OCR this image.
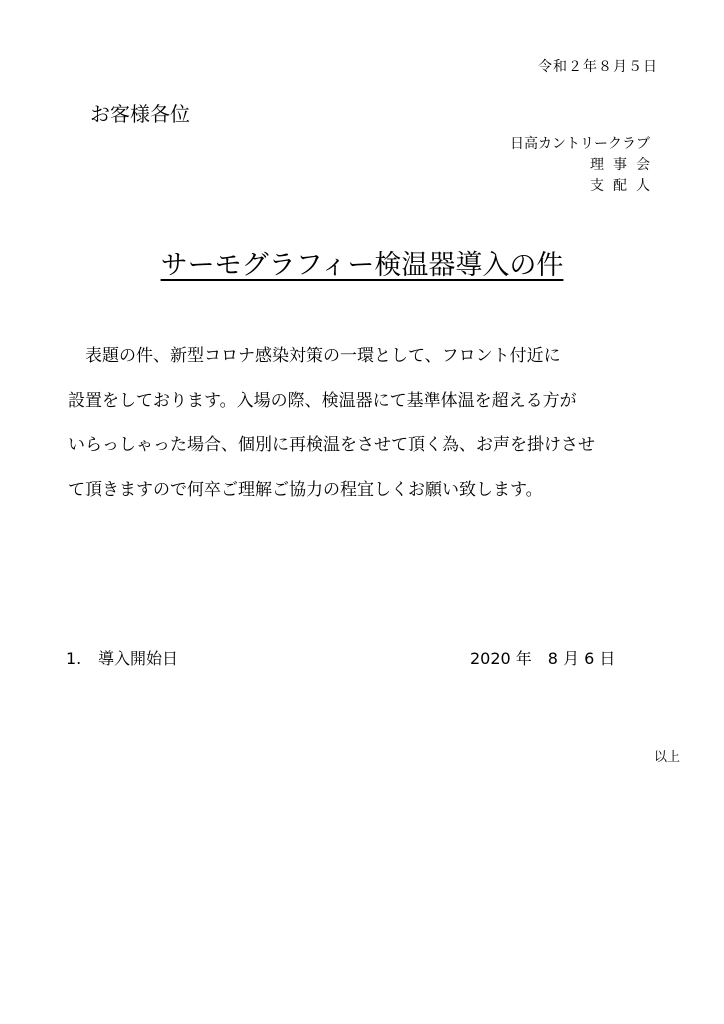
令和２年８月５日
お客様各位
日高カントリークラブ
理事会
支配人
サーモグラフィー検温器導入の件
　表題の件、新型コロナ感染対策の一環として、フロント付近に
設置をしております。入場の際、検温器にて基準体温を超える方が
いらっしゃった場合、個別に再検温をさせて頂く為、お声を掛けさせ
て頂きますので何卒ご理解ご協力の程宜しくお願い致します。
1. 導入開始日	2020 年　8 月 6 日
以上
